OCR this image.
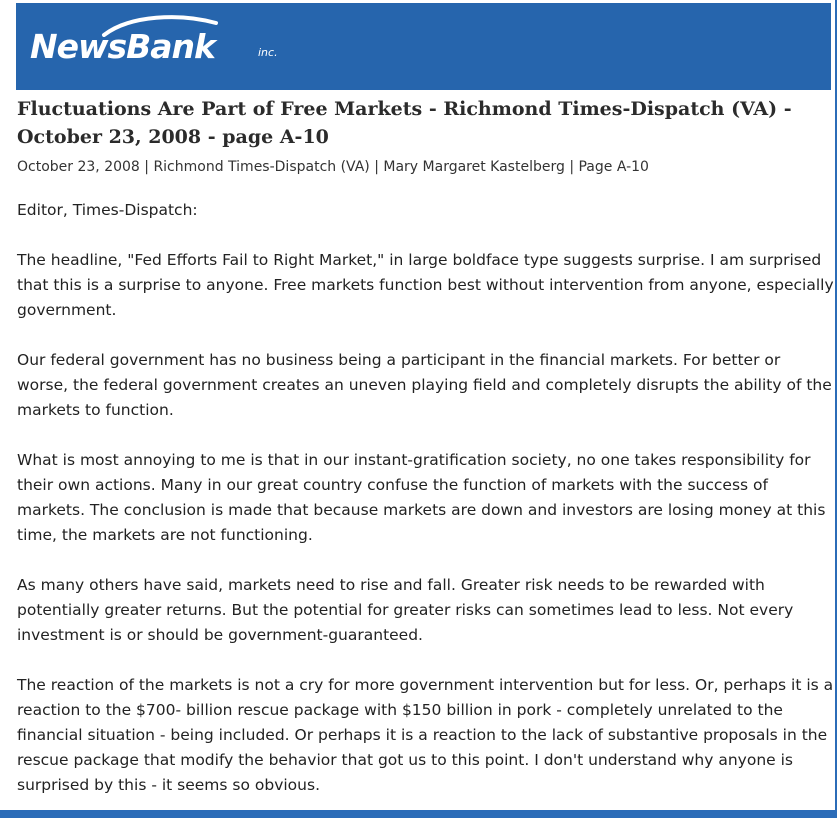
NewsBank	inc.
Fluctuations Are Part of Free Markets - Richmond Times-Dispatch (VA) - October 23, 2008 - page A-10
October 23, 2008 | Richmond Times-Dispatch (VA) | Mary Margaret Kastelberg | Page A-10

Editor, Times-Dispatch:

The headline, "Fed Efforts Fail to Right Market," in large boldface type suggests surprise. I am surprised that this is a surprise to anyone. Free markets function best without intervention from anyone, especially government.

Our federal government has no business being a participant in the financial markets. For better or worse, the federal government creates an uneven playing field and completely disrupts the ability of the markets to function.

What is most annoying to me is that in our instant-gratification society, no one takes responsibility for their own actions. Many in our great country confuse the function of markets with the success of markets. The conclusion is made that because markets are down and investors are losing money at this time, the markets are not functioning.

As many others have said, markets need to rise and fall. Greater risk needs to be rewarded with potentially greater returns. But the potential for greater risks can sometimes lead to less. Not every investment is or should be government-guaranteed.

The reaction of the markets is not a cry for more government intervention but for less. Or, perhaps it is a reaction to the $700- billion rescue package with $150 billion in pork - completely unrelated to the financial situation - being included. Or perhaps it is a reaction to the lack of substantive proposals in the rescue package that modify the behavior that got us to this point. I don't understand why anyone is surprised by this - it seems so obvious.
